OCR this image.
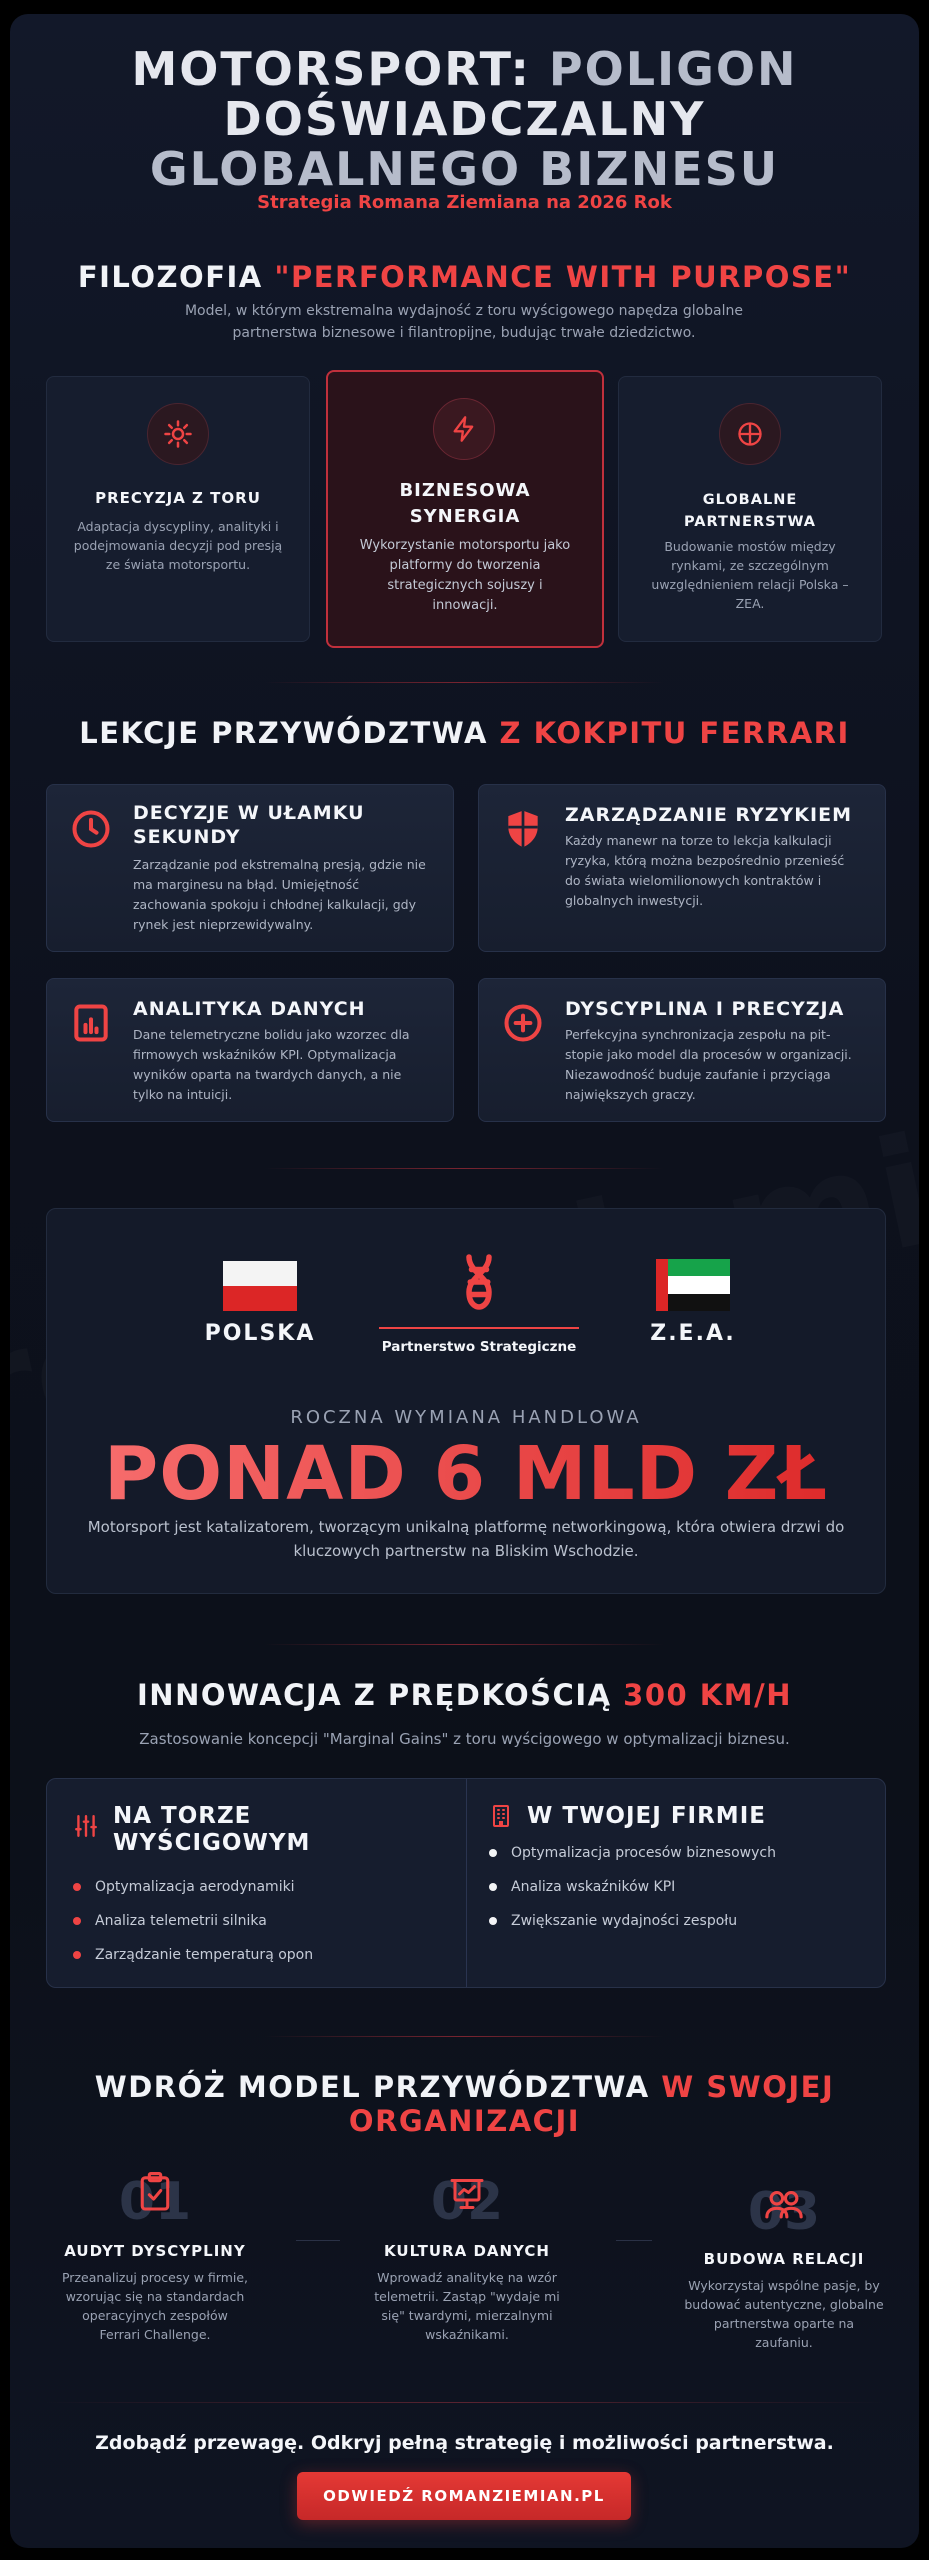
MOTORSPORT: POLIGON
DOŚWIADCZALNY
GLOBALNEGO BIZNESU
Strategia Romana Ziemiana na 2026 Rok
FILOZOFIA "PERFORMANCE WITH PURPOSE"
Model, w którym ekstremalna wydajność z toru wyścigowego napędza globalne partnerstwa biznesowe i filantropijne, budując trwałe dziedzictwo.
PRECYZJA Z TORU
Adaptacja dyscypliny, analityki i podejmowania decyzji pod presją ze świata motorsportu.
BIZNESOWA SYNERGIA
Wykorzystanie motorsportu jako platformy do tworzenia strategicznych sojuszy i innowacji.
GLOBALNE PARTNERSTWA
Budowanie mostów między rynkami, ze szczególnym uwzględnieniem relacji Polska – ZEA.
LEKCJE PRZYWÓDZTWA Z KOKPITU FERRARI
DECYZJE W UŁAMKU SEKUNDY
Zarządzanie pod ekstremalną presją, gdzie nie ma marginesu na błąd. Umiejętność zachowania spokoju i chłodnej kalkulacji, gdy rynek jest nieprzewidywalny.
ZARZĄDZANIE RYZYKIEM
Każdy manewr na torze to lekcja kalkulacji ryzyka, którą można bezpośrednio przenieść do świata wielomilionowych kontraktów i globalnych inwestycji.
ANALITYKA DANYCH
Dane telemetryczne bolidu jako wzorzec dla firmowych wskaźników KPI. Optymalizacja wyników oparta na twardych danych, a nie tylko na intuicji.
DYSCYPLINA I PRECYZJA
Perfekcyjna synchronizacja zespołu na pit-stopie jako model dla procesów w organizacji. Niezawodność buduje zaufanie i przyciąga największych graczy.
POLSKA
Partnerstwo Strategiczne
Z.E.A.
ROCZNA WYMIANA HANDLOWA
PONAD 6 MLD ZŁ
Motorsport jest katalizatorem, tworzącym unikalną platformę networkingową, która otwiera drzwi do kluczowych partnerstw na Bliskim Wschodzie.
INNOWACJA Z PRĘDKOŚCIĄ 300 KM/H
Zastosowanie koncepcji "Marginal Gains" z toru wyścigowego w optymalizacji biznesu.
NA TORZE WYŚCIGOWYM
Optymalizacja aerodynamiki
Analiza telemetrii silnika
Zarządzanie temperaturą opon
W TWOJEJ FIRMIE
Optymalizacja procesów biznesowych
Analiza wskaźników KPI
Zwiększanie wydajności zespołu
WDRÓŻ MODEL PRZYWÓDZTWA W SWOJEJ
ORGANIZACJI
01
AUDYT DYSCYPLINY
Przeanalizuj procesy w firmie, wzorując się na standardach operacyjnych zespołów Ferrari Challenge.
02
KULTURA DANYCH
Wprowadź analitykę na wzór telemetrii. Zastąp "wydaje mi się" twardymi, mierzalnymi wskaźnikami.
03
BUDOWA RELACJI
Wykorzystaj wspólne pasje, by budować autentyczne, globalne partnerstwa oparte na zaufaniu.
Zdobądź przewagę. Odkryj pełną strategię i możliwości partnerstwa.
ODWIEDŹ ROMANZIEMIAN.PL
